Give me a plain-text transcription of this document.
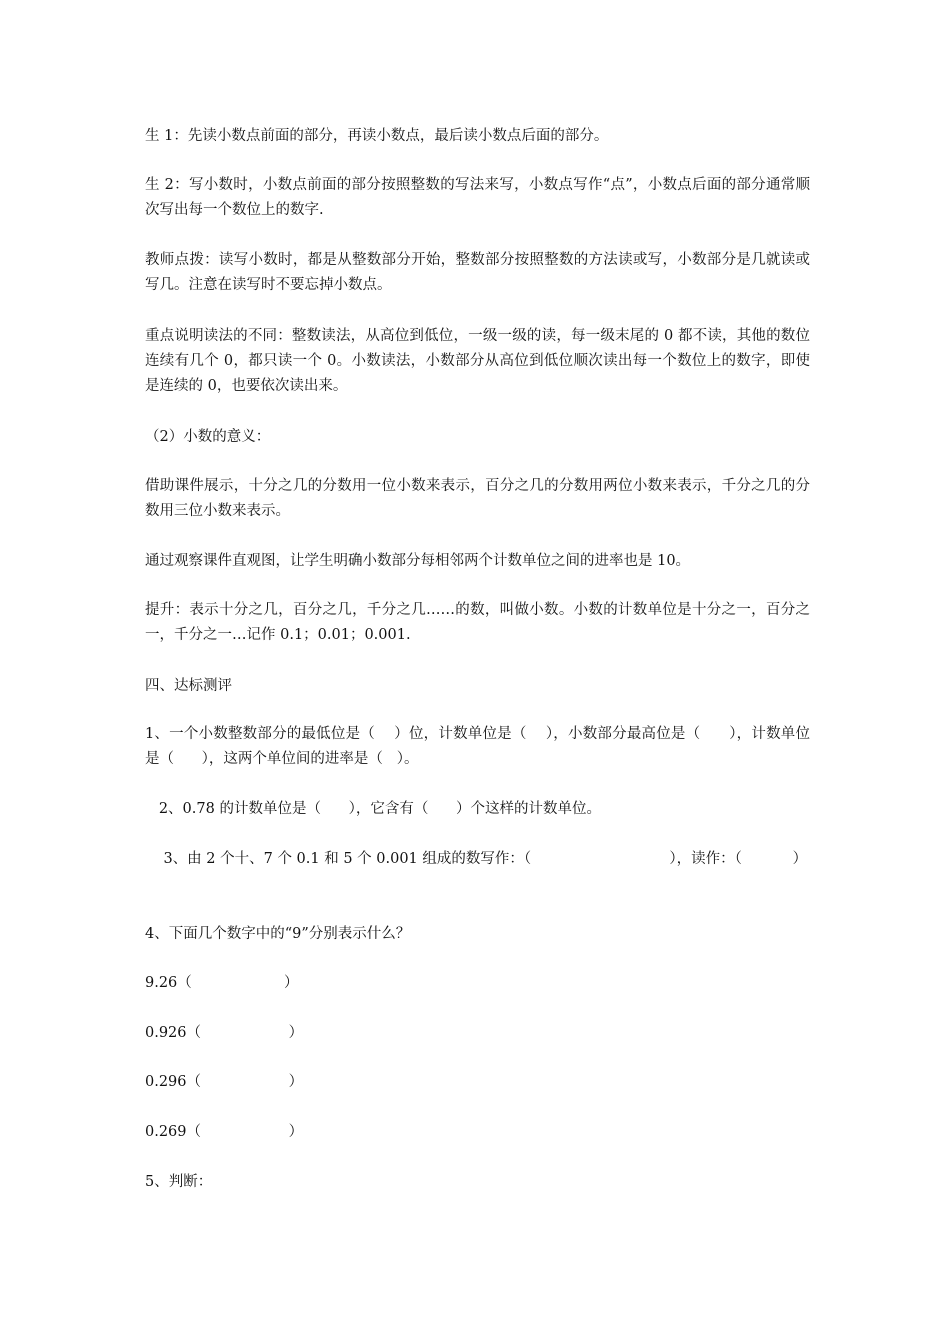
生 1：先读小数点前面的部分，再读小数点，最后读小数点后面的部分。

生 2：写小数时，小数点前面的部分按照整数的写法来写，小数点写作“点”，小数点后面的部分通常顺次写出每一个数位上的数字.

教师点拨：读写小数时，都是从整数部分开始，整数部分按照整数的方法读或写，小数部分是几就读或写几。注意在读写时不要忘掉小数点。

重点说明读法的不同：整数读法，从高位到低位，一级一级的读，每一级末尾的 0 都不读，其他的数位连续有几个 0，都只读一个 0。小数读法，小数部分从高位到低位顺次读出每一个数位上的数字，即使是连续的 0，也要依次读出来。

（2）小数的意义：

借助课件展示，十分之几的分数用一位小数来表示，百分之几的分数用两位小数来表示，千分之几的分数用三位小数来表示。

通过观察课件直观图，让学生明确小数部分每相邻两个计数单位之间的进率也是 10。

提升：表示十分之几，百分之几，千分之几……的数，叫做小数。小数的计数单位是十分之一，百分之一，千分之一…记作 0.1；0.01；0.001.

四、达标测评

1、一个小数整数部分的最低位是（    ）位，计数单位是（    ），小数部分最高位是（      ），计数单位是（      ），这两个单位间的进率是（   ）。

2、0.78 的计数单位是（      ），它含有（      ）个这样的计数单位。

3、由 2 个十、7 个 0.1 和 5 个 0.001 组成的数写作：（                              ），读作：（           ）

4、下面几个数字中的“9”分别表示什么？

9.26（                    ）

0.926（                   ）

0.296（                   ）

0.269（                   ）

5、判断：
